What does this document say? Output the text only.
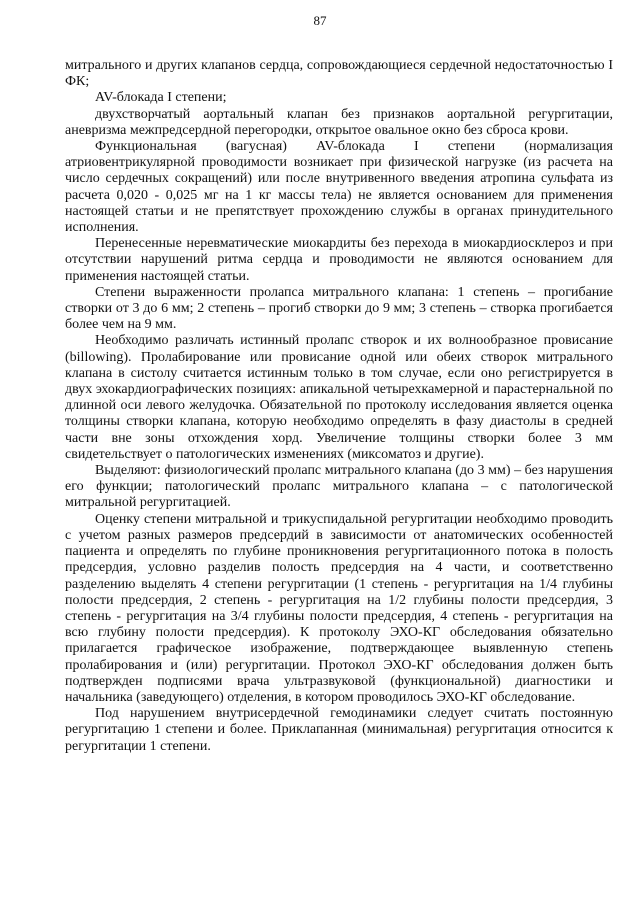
87

митрального и других клапанов сердца, сопровождающиеся сердечной недостаточностью I ФК;

AV-блокада I степени;

двухстворчатый аортальный клапан без признаков аортальной регургитации, аневризма межпредсердной перегородки, открытое овальное окно без сброса крови.

Функциональная (вагусная) AV-блокада I степени (нормализация атриовентрикулярной проводимости возникает при физической нагрузке (из расчета на число сердечных сокращений) или после внутривенного введения атропина сульфата из расчета 0,020 - 0,025 мг на 1 кг массы тела) не является основанием для применения настоящей статьи и не препятствует прохождению службы в органах принудительного исполнения.

Перенесенные неревматические миокардиты без перехода в миокардиосклероз и при отсутствии нарушений ритма сердца и проводимости не являются основанием для применения настоящей статьи.

Степени выраженности пролапса митрального клапана: 1 степень – прогибание створки от 3 до 6 мм; 2 степень – прогиб створки до 9 мм; 3 степень – створка прогибается более чем на 9 мм.

Необходимо различать истинный пролапс створок и их волнообразное провисание (billowing). Пролабирование или провисание одной или обеих створок митрального клапана в систолу считается истинным только в том случае, если оно регистрируется в двух эхокардиографических позициях: апикальной четырехкамерной и парастернальной по длинной оси левого желудочка. Обязательной по протоколу исследования является оценка толщины створки клапана, которую необходимо определять в фазу диастолы в средней части вне зоны отхождения хорд. Увеличение толщины створки более 3 мм свидетельствует о патологических изменениях (миксоматоз и другие).

Выделяют: физиологический пролапс митрального клапана (до 3 мм) – без нарушения его функции; патологический пролапс митрального клапана – с патологической митральной регургитацией.

Оценку степени митральной и трикуспидальной регургитации необходимо проводить с учетом разных размеров предсердий в зависимости от анатомических особенностей пациента и определять по глубине проникновения регургитационного потока в полость предсердия, условно разделив полость предсердия на 4 части, и соответственно разделению выделять 4 степени регургитации (1 степень - регургитация на 1/4 глубины полости предсердия, 2 степень - регургитация на 1/2 глубины полости предсердия, 3 степень - регургитация на 3/4 глубины полости предсердия, 4 степень - регургитация на всю глубину полости предсердия). К протоколу ЭХО-КГ обследования обязательно прилагается графическое изображение, подтверждающее выявленную степень пролабирования и (или) регургитации. Протокол ЭХО-КГ обследования должен быть подтвержден подписями врача ультразвуковой (функциональной) диагностики и начальника (заведующего) отделения, в котором проводилось ЭХО-КГ обследование.

Под нарушением внутрисердечной гемодинамики следует считать постоянную регургитацию 1 степени и более. Приклапанная (минимальная) регургитация относится к регургитации 1 степени.
